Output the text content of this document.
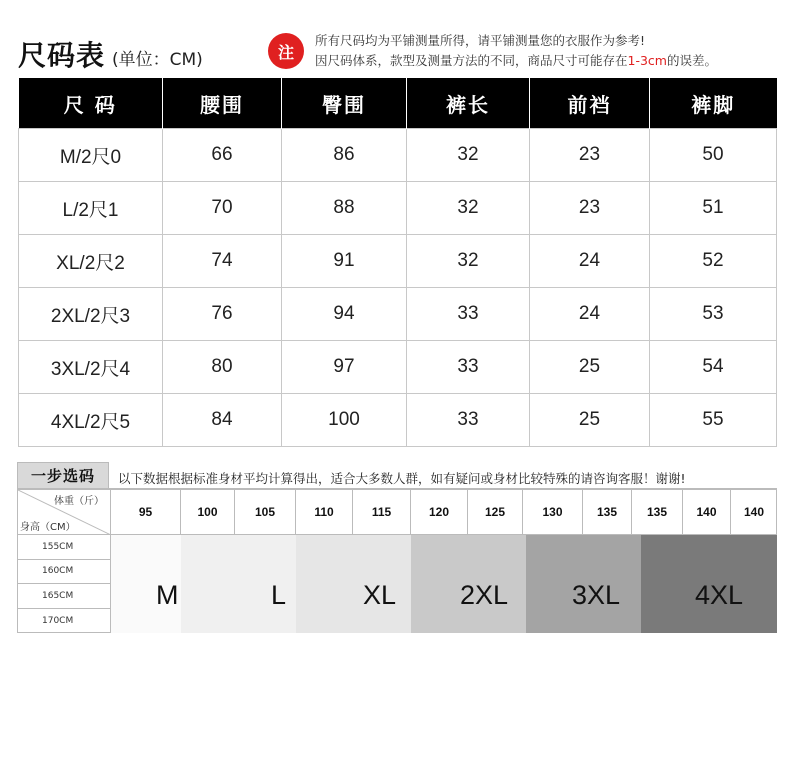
尺码表 (单位：CM)	注
所有尺码均为平铺测量所得，请平铺测量您的衣服作为参考!
因尺码体系，款型及测量方法的不同，商品尺寸可能存在1-3cm的误差。
尺 码	腰围	臀围	裤长	前裆	裤脚
M/2尺0	66	86	32	23	50
L/2尺1	70	88	32	23	51
XL/2尺2	74	91	32	24	52
2XL/2尺3	76	94	33	24	53
3XL/2尺4	80	97	33	25	54
4XL/2尺5	84	100	33	25	55
一步选码	以下数据根据标准身材平均计算得出，适合大多数人群，如有疑问或身材比较特殊的请咨询客服！谢谢!
体重（斤）
身高（CM）
95	100	105	110	115	120	125	130	135	135	140	140
155CM
160CM
165CM
170CM
M	L	XL 2XL 3XL	4XL
